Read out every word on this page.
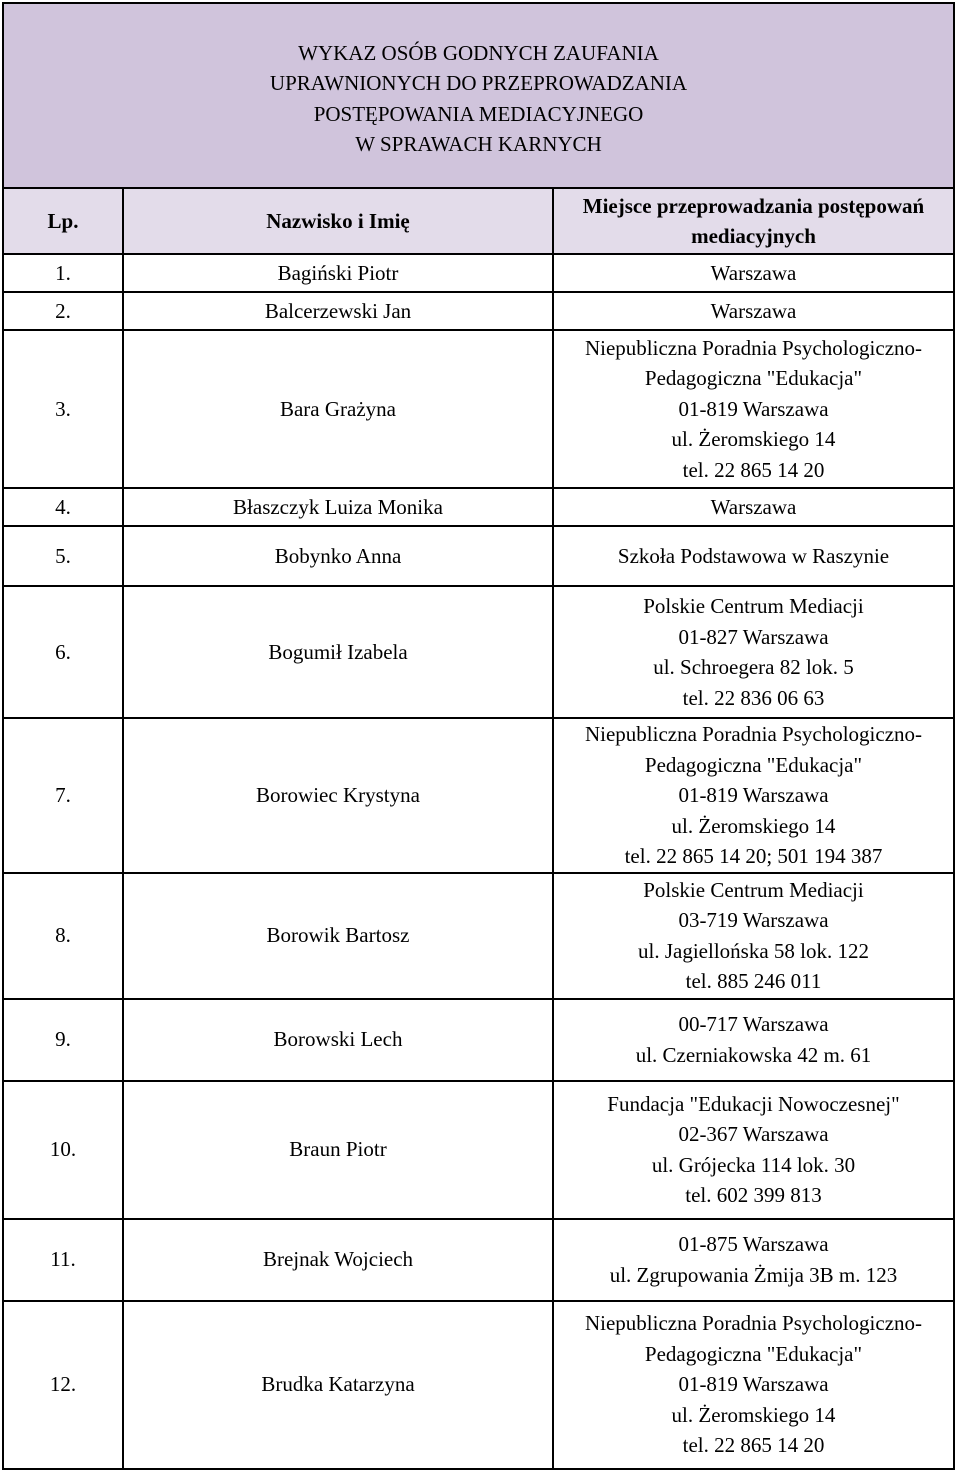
WYKAZ OSÓB GODNYCH ZAUFANIA
UPRAWNIONYCH DO PRZEPROWADZANIA
POSTĘPOWANIA MEDIACYJNEGO
W SPRAWACH KARNYCH		

Lp.	Nazwisko i Imię	Miejsce przeprowadzania postępowań mediacyjnych
1.	Bagiński Piotr	Warszawa
2.	Balcerzewski Jan	Warszawa
3.	Bara Grażyna	Niepubliczna Poradnia Psychologiczno-
Pedagogiczna "Edukacja"
01-819 Warszawa
ul. Żeromskiego 14
tel. 22 865 14 20
4.	Błaszczyk Luiza Monika	Warszawa
5.	Bobynko Anna	Szkoła Podstawowa w Raszynie
6.	Bogumił Izabela	Polskie Centrum Mediacji
01-827 Warszawa
ul. Schroegera 82 lok. 5
tel. 22 836 06 63
7.	Borowiec Krystyna	Niepubliczna Poradnia Psychologiczno-
Pedagogiczna "Edukacja"
01-819 Warszawa
ul. Żeromskiego 14
tel. 22 865 14 20; 501 194 387
8.	Borowik Bartosz	Polskie Centrum Mediacji
03-719 Warszawa
ul. Jagiellońska 58 lok. 122
tel. 885 246 011
9.	Borowski Lech	00-717 Warszawa
ul. Czerniakowska 42 m. 61
10.	Braun Piotr	Fundacja "Edukacji Nowoczesnej"
02-367 Warszawa
ul. Grójecka 114 lok. 30
tel. 602 399 813
11.	Brejnak Wojciech	01-875 Warszawa
ul. Zgrupowania Żmija 3B m. 123
12.	Brudka Katarzyna	Niepubliczna Poradnia Psychologiczno-
Pedagogiczna "Edukacja"
01-819 Warszawa
ul. Żeromskiego 14
tel. 22 865 14 20
